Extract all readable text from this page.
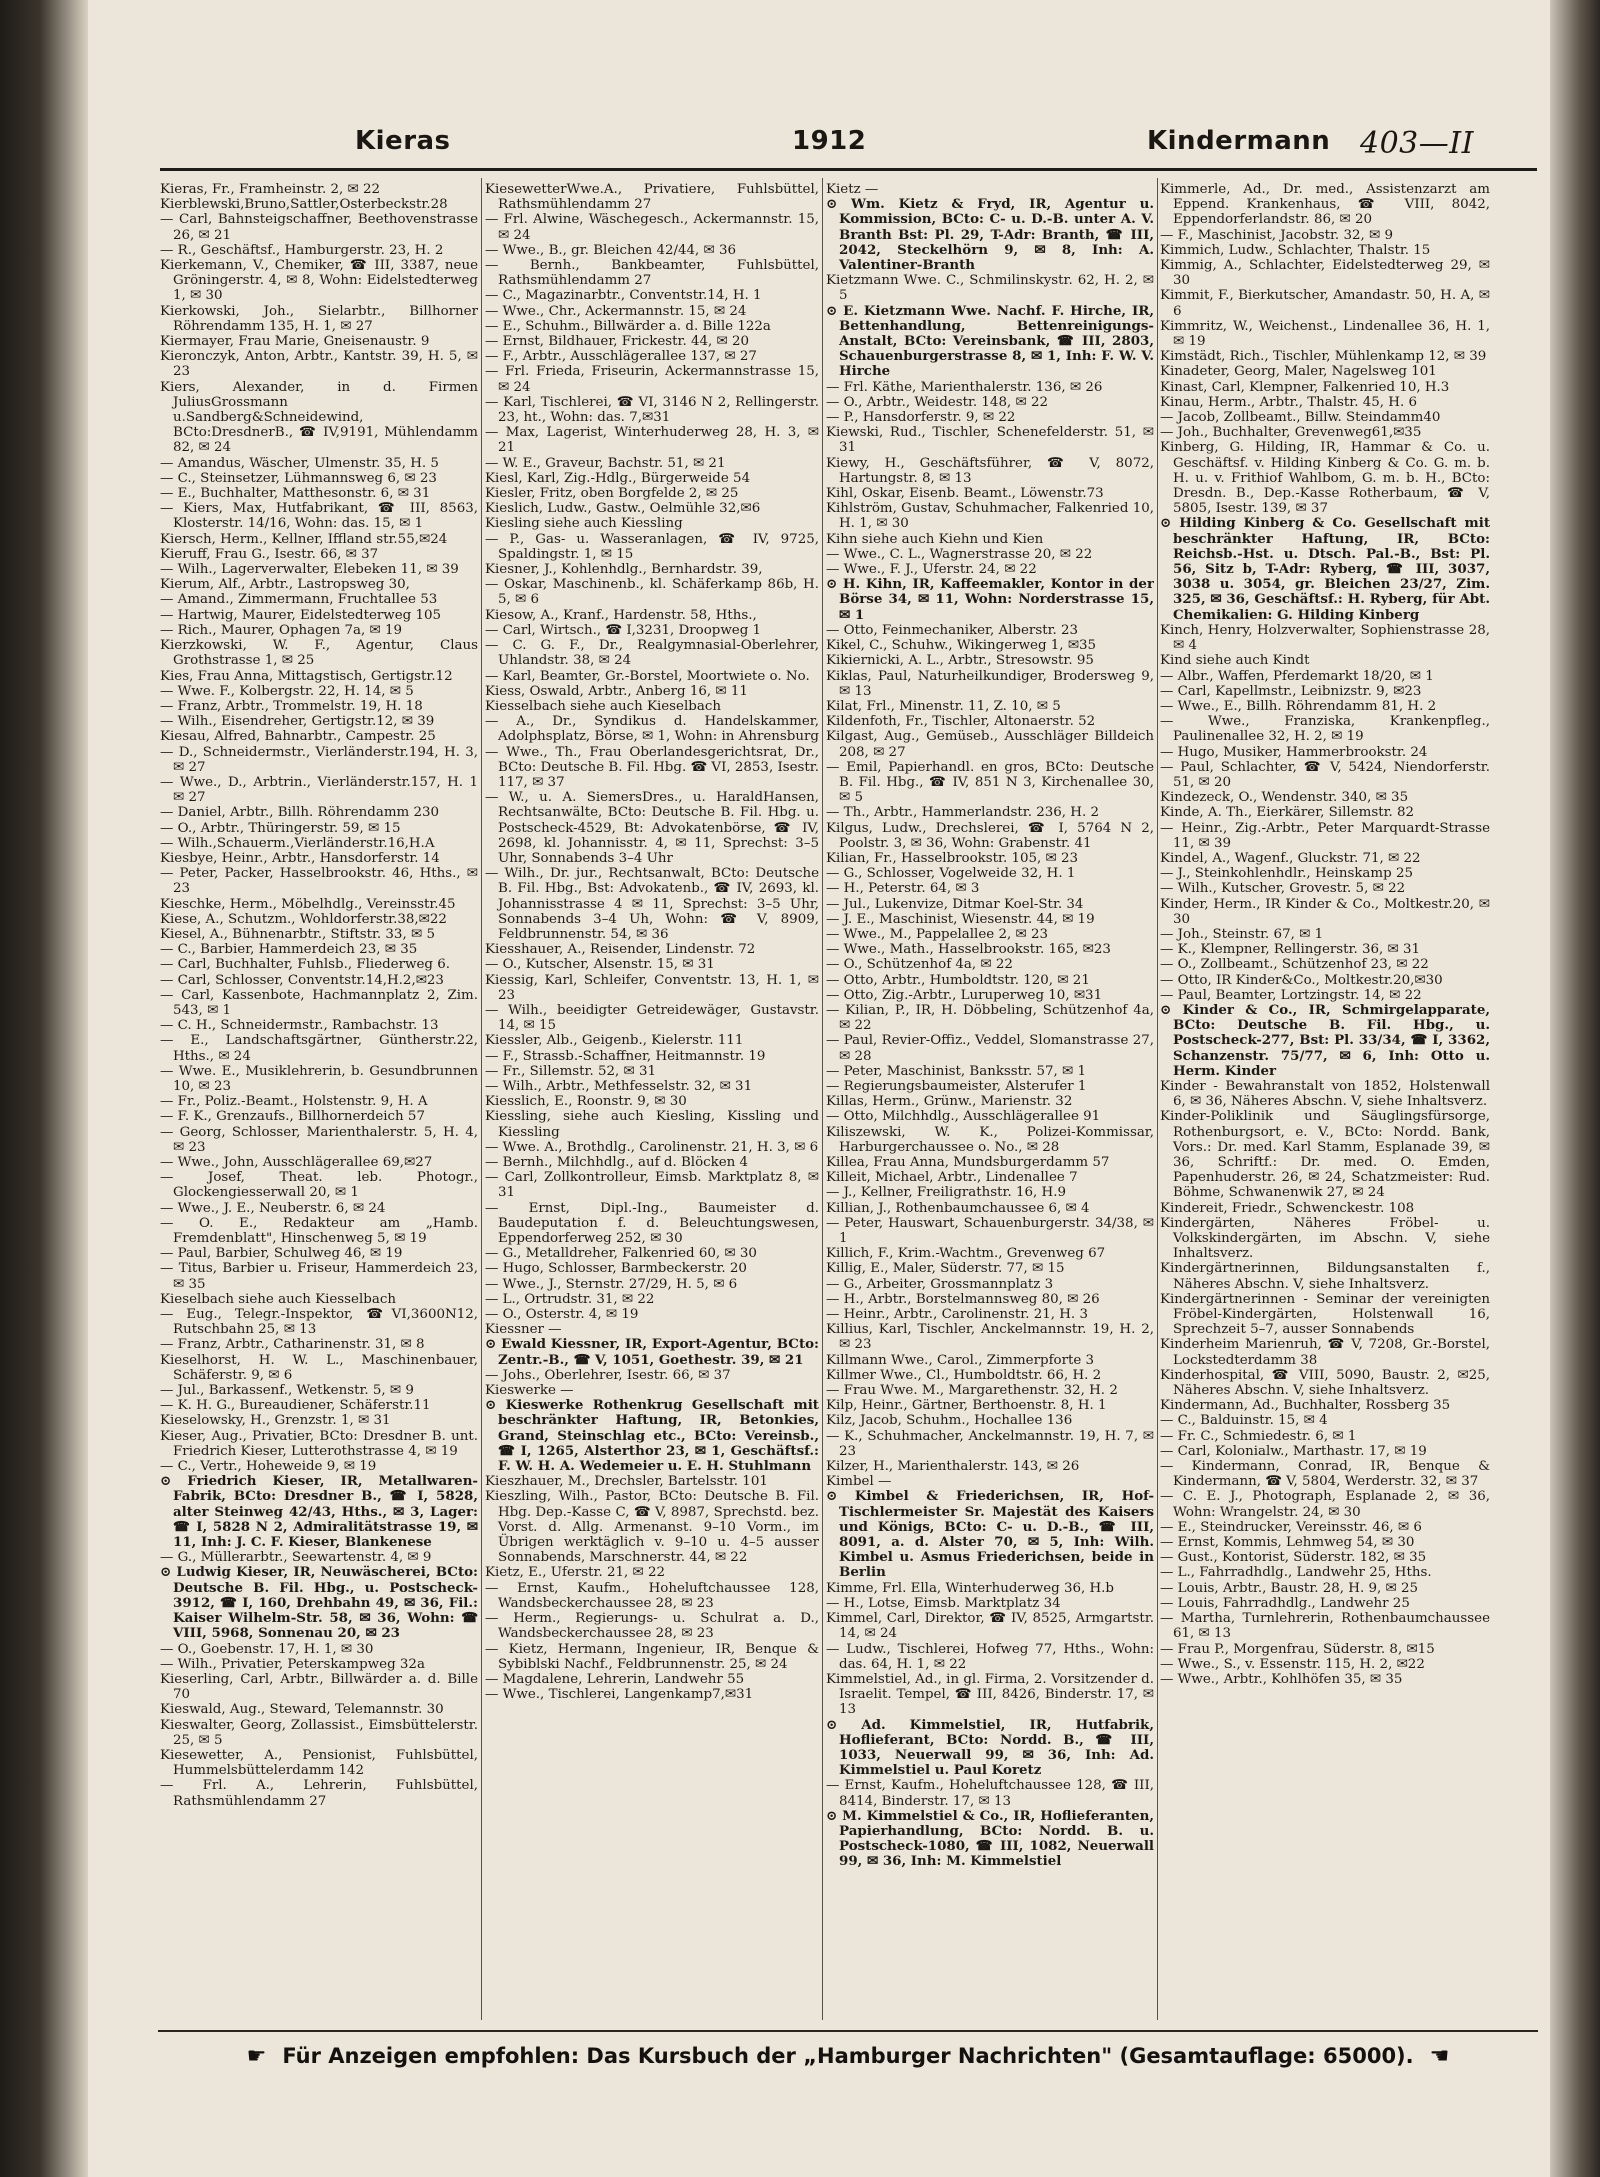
Kieras	1912	Kindermann 403—II

Kieras, Fr., Framheinstr. 2, ✉ 22

Kierblewski,Bruno,Sattler,Osterbeckstr.28

— Carl, Bahnsteigschaffner, Beethovenstrasse 26, ✉ 21

— R., Geschäftsf., Hamburgerstr. 23, H. 2

Kierkemann, V., Chemiker, ☎ III, 3387, neue Gröningerstr. 4, ✉ 8, Wohn: Eidelstedterweg 1, ✉ 30

Kierkowski, Joh., Sielarbtr., Billhorner Röhrendamm 135, H. 1, ✉ 27

Kiermayer, Frau Marie, Gneisenaustr. 9

Kieronczyk, Anton, Arbtr., Kantstr. 39, H. 5, ✉ 23

Kiers, Alexander, in d. Firmen JuliusGrossmann u.Sandberg&Schneidewind, BCto:DresdnerB., ☎ IV,9191, Mühlendamm 82, ✉ 24

— Amandus, Wäscher, Ulmenstr. 35, H. 5

— C., Steinsetzer, Lühmannsweg 6, ✉ 23

— E., Buchhalter, Matthesonstr. 6, ✉ 31

— Kiers, Max, Hutfabrikant, ☎ III, 8563, Klosterstr. 14/16, Wohn: das. 15, ✉ 1

Kiersch, Herm., Kellner, Iffland str.55,✉24

Kieruff, Frau G., Isestr. 66, ✉ 37

— Wilh., Lagerverwalter, Elebeken 11, ✉ 39

Kierum, Alf., Arbtr., Lastropsweg 30,

— Amand., Zimmermann, Fruchtallee 53

— Hartwig, Maurer, Eidelstedterweg 105

— Rich., Maurer, Ophagen 7a, ✉ 19

Kierzkowski, W. F., Agentur, Claus Grothstrasse 1, ✉ 25

Kies, Frau Anna, Mittagstisch, Gertigstr.12

— Wwe. F., Kolbergstr. 22, H. 14, ✉ 5

— Franz, Arbtr., Trommelstr. 19, H. 18

— Wilh., Eisendreher, Gertigstr.12, ✉ 39

Kiesau, Alfred, Bahnarbtr., Campestr. 25

— D., Schneidermstr., Vierländerstr.194, H. 3, ✉ 27

— Wwe., D., Arbtrin., Vierländerstr.157, H. 1 ✉ 27

— Daniel, Arbtr., Billh. Röhrendamm 230

— O., Arbtr., Thüringerstr. 59, ✉ 15

— Wilh.,Schauerm.,Vierländerstr.16,H.A

Kiesbye, Heinr., Arbtr., Hansdorferstr. 14

— Peter, Packer, Hasselbrookstr. 46, Hths., ✉ 23

Kieschke, Herm., Möbelhdlg., Vereinsstr.45

Kiese, A., Schutzm., Wohldorferstr.38,✉22

Kiesel, A., Bühnenarbtr., Stiftstr. 33, ✉ 5

— C., Barbier, Hammerdeich 23, ✉ 35

— Carl, Buchhalter, Fuhlsb., Fliederweg 6.

— Carl, Schlosser, Conventstr.14,H.2,✉23

— Carl, Kassenbote, Hachmannplatz 2, Zim. 543, ✉ 1

— C. H., Schneidermstr., Rambachstr. 13

— E., Landschaftsgärtner, Güntherstr.22, Hths., ✉ 24

— Wwe. E., Musiklehrerin, b. Gesundbrunnen 10, ✉ 23

— Fr., Poliz.-Beamt., Holstenstr. 9, H. A

— F. K., Grenzaufs., Billhornerdeich 57

— Georg, Schlosser, Marienthalerstr. 5, H. 4, ✉ 23

— Wwe., John, Ausschlägerallee 69,✉27

— Josef, Theat. leb. Photogr., Glockengiesserwall 20, ✉ 1

— Wwe., J. E., Neuberstr. 6, ✉ 24

— O. E., Redakteur am „Hamb. Fremdenblatt", Hinschenweg 5, ✉ 19

— Paul, Barbier, Schulweg 46, ✉ 19

— Titus, Barbier u. Friseur, Hammerdeich 23, ✉ 35

Kieselbach siehe auch Kiesselbach

— Eug., Telegr.-Inspektor, ☎VI,3600N12, Rutschbahn 25, ✉ 13

— Franz, Arbtr., Catharinenstr. 31, ✉ 8

Kieselhorst, H. W. L., Maschinenbauer, Schäferstr. 9, ✉ 6

— Jul., Barkassenf., Wetkenstr. 5, ✉ 9

— K. H. G., Bureaudiener, Schäferstr.11

Kieselowsky, H., Grenzstr. 1, ✉ 31

Kieser, Aug., Privatier, BCto: Dresdner B. unt. Friedrich Kieser, Lutterothstrasse 4, ✉ 19

— C., Vertr., Hoheweide 9, ✉ 19

⊙ Friedrich Kieser, IR, Metallwaren-Fabrik, BCto: Dresdner B., ☎ I, 5828, alter Steinweg 42/43, Hths., ✉ 3, Lager: ☎ I, 5828 N 2, Admiralitätstrasse 19, ✉ 11, Inh: J. C. F. Kieser, Blankenese

— G., Müllerarbtr., Seewartenstr. 4, ✉ 9

⊙ Ludwig Kieser, IR, Neuwäscherei, BCto: Deutsche B. Fil. Hbg., u. Postscheck-3912, ☎ I, 160, Drehbahn 49, ✉ 36, Fil.: Kaiser Wilhelm-Str. 58, ✉ 36, Wohn: ☎ VIII, 5968, Sonnenau 20, ✉ 23

— O., Goebenstr. 17, H. 1, ✉ 30

— Wilh., Privatier, Peterskampweg 32a

Kieserling, Carl, Arbtr., Billwärder a. d. Bille 70

Kieswald, Aug., Steward, Telemannstr. 30

Kieswalter, Georg, Zollassist., Eimsbüttelerstr. 25, ✉ 5

Kiesewetter, A., Pensionist, Fuhlsbüttel, Hummelsbüttelerdamm 142

— Frl. A., Lehrerin, Fuhlsbüttel, Rathsmühlendamm 27

KiesewetterWwe.A., Privatiere, Fuhlsbüttel, Rathsmühlendamm 27

— Frl. Alwine, Wäschegesch., Ackermannstr. 15, ✉ 24

— Wwe., B., gr. Bleichen 42/44, ✉ 36

— Bernh., Bankbeamter, Fuhlsbüttel, Rathsmühlendamm 27

— C., Magazinarbtr., Conventstr.14, H. 1

— Wwe., Chr., Ackermannstr. 15, ✉ 24

— E., Schuhm., Billwärder a. d. Bille 122a

— Ernst, Bildhauer, Frickestr. 44, ✉ 20

— F., Arbtr., Ausschlägerallee 137, ✉ 27

— Frl. Frieda, Friseurin, Ackermannstrasse 15, ✉ 24

— Karl, Tischlerei, ☎ VI, 3146 N 2, Rellingerstr. 23, ht., Wohn: das. 7,✉31

— Max, Lagerist, Winterhuderweg 28, H. 3, ✉ 21

— W. E., Graveur, Bachstr. 51, ✉ 21

Kiesl, Karl, Zig.-Hdlg., Bürgerweide 54

Kiesler, Fritz, oben Borgfelde 2, ✉ 25

Kieslich, Ludw., Gastw., Oelmühle 32,✉6

Kiesling siehe auch Kiessling

— P., Gas- u. Wasseranlagen, ☎ IV, 9725, Spaldingstr. 1, ✉ 15

Kiesner, J., Kohlenhdlg., Bernhardstr. 39,

— Oskar, Maschinenb., kl. Schäferkamp 86b, H. 5, ✉ 6

Kiesow, A., Kranf., Hardenstr. 58, Hths.,

— Carl, Wirtsch., ☎ I,3231, Droopweg 1

— C. G. F., Dr., Realgymnasial-Oberlehrer, Uhlandstr. 38, ✉ 24

— Karl, Beamter, Gr.-Borstel, Moortwiete o. No.

Kiess, Oswald, Arbtr., Anberg 16, ✉ 11

Kiesselbach siehe auch Kieselbach

— A., Dr., Syndikus d. Handelskammer, Adolphsplatz, Börse, ✉ 1, Wohn: in Ahrensburg

— Wwe., Th., Frau Oberlandesgerichtsrat, Dr., BCto: Deutsche B. Fil. Hbg. ☎ VI, 2853, Isestr. 117, ✉ 37

— W., u. A. SiemersDres., u. HaraldHansen, Rechtsanwälte, BCto: Deutsche B. Fil. Hbg. u. Postscheck-4529, Bt: Advokatenbörse, ☎ IV, 2698, kl. Johannisstr. 4, ✉ 11, Sprechst: 3–5 Uhr, Sonnabends 3–4 Uhr

— Wilh., Dr. jur., Rechtsanwalt, BCto: Deutsche B. Fil. Hbg., Bst: Advokatenb., ☎ IV, 2693, kl. Johannisstrasse 4 ✉ 11, Sprechst: 3–5 Uhr, Sonnabends 3–4 Uh, Wohn: ☎ V, 8909, Feldbrunnenstr. 54, ✉ 36

Kiesshauer, A., Reisender, Lindenstr. 72

— O., Kutscher, Alsenstr. 15, ✉ 31

Kiessig, Karl, Schleifer, Conventstr. 13, H. 1, ✉ 23

— Wilh., beeidigter Getreidewäger, Gustavstr. 14, ✉ 15

Kiessler, Alb., Geigenb., Kielerstr. 111

— F., Strassb.-Schaffner, Heitmannstr. 19

— Fr., Sillemstr. 52, ✉ 31

— Wilh., Arbtr., Methfesselstr. 32, ✉ 31

Kiesslich, E., Roonstr. 9, ✉ 30

Kiessling, siehe auch Kiesling, Kissling und Kiessling

— Wwe. A., Brothdlg., Carolinenstr. 21, H. 3, ✉ 6

— Bernh., Milchhdlg., auf d. Blöcken 4

— Carl, Zollkontrolleur, Eimsb. Marktplatz 8, ✉ 31

— Ernst, Dipl.-Ing., Baumeister d. Baudeputation f. d. Beleuchtungswesen, Eppendorferweg 252, ✉ 30

— G., Metalldreher, Falkenried 60, ✉ 30

— Hugo, Schlosser, Barmbeckerstr. 20

— Wwe., J., Sternstr. 27/29, H. 5, ✉ 6

— L., Ortrudstr. 31, ✉ 22

— O., Osterstr. 4, ✉ 19

Kiessner —

⊙ Ewald Kiessner, IR, Export-Agentur, BCto: Zentr.-B., ☎ V, 1051, Goethestr. 39, ✉ 21

— Johs., Oberlehrer, Isestr. 66, ✉ 37

Kieswerke —

⊙ Kieswerke Rothenkrug Gesellschaft mit beschränkter Haftung, IR, Betonkies, Grand, Steinschlag etc., BCto: Vereinsb., ☎ I, 1265, Alsterthor 23, ✉ 1, Geschäftsf.: F. W. H. A. Wedemeier u. E. H. Stuhlmann

Kieszhauer, M., Drechsler, Bartelsstr. 101

Kieszling, Wilh., Pastor, BCto: Deutsche B. Fil. Hbg. Dep.-Kasse C, ☎ V, 8987, Sprechstd. bez. Vorst. d. Allg. Armenanst. 9–10 Vorm., im Übrigen werktäglich v. 9–10 u. 4–5 ausser Sonnabends, Marschnerstr. 44, ✉ 22

Kietz, E., Uferstr. 21, ✉ 22

— Ernst, Kaufm., Hoheluftchaussee 128, Wandsbeckerchaussee 28, ✉ 23

— Herm., Regierungs- u. Schulrat a. D., Wandsbeckerchaussee 28, ✉ 23

— Kietz, Hermann, Ingenieur, IR, Benque & Sybiblski Nachf., Feldbrunnenstr. 25, ✉ 24

— Magdalene, Lehrerin, Landwehr 55

— Wwe., Tischlerei, Langenkamp7,✉31

Kietz —

⊙ Wm. Kietz & Fryd, IR, Agentur u. Kommission, BCto: C- u. D.-B. unter A. V. Branth Bst: Pl. 29, T-Adr: Branth, ☎ III, 2042, Steckelhörn 9, ✉ 8, Inh: A. Valentiner-Branth

Kietzmann Wwe. C., Schmilinskystr. 62, H. 2, ✉ 5

⊙ E. Kietzmann Wwe. Nachf. F. Hirche, IR, Bettenhandlung, Bettenreinigungs-Anstalt, BCto: Vereinsbank, ☎ III, 2803, Schauenburgerstrasse 8, ✉ 1, Inh: F. W. V. Hirche

— Frl. Käthe, Marienthalerstr. 136, ✉ 26

— O., Arbtr., Weidestr. 148, ✉ 22

— P., Hansdorferstr. 9, ✉ 22

Kiewski, Rud., Tischler, Schenefelderstr. 51, ✉ 31

Kiewy, H., Geschäftsführer, ☎ V, 8072, Hartungstr. 8, ✉ 13

Kihl, Oskar, Eisenb. Beamt., Löwenstr.73

Kihlström, Gustav, Schuhmacher, Falkenried 10, H. 1, ✉ 30

Kihn siehe auch Kiehn und Kien

— Wwe., C. L., Wagnerstrasse 20, ✉ 22

— Wwe., F. J., Uferstr. 24, ✉ 22

⊙ H. Kihn, IR, Kaffeemakler, Kontor in der Börse 34, ✉ 11, Wohn: Norderstrasse 15, ✉ 1

— Otto, Feinmechaniker, Alberstr. 23

Kikel, C., Schuhw., Wikingerweg 1, ✉35

Kikiernicki, A. L., Arbtr., Stresowstr. 95

Kiklas, Paul, Naturheilkundiger, Brodersweg 9, ✉ 13

Kilat, Frl., Minenstr. 11, Z. 10, ✉ 5

Kildenfoth, Fr., Tischler, Altonaerstr. 52

Kilgast, Aug., Gemüseb., Ausschläger Billdeich 208, ✉ 27

— Emil, Papierhandl. en gros, BCto: Deutsche B. Fil. Hbg., ☎ IV, 851 N 3, Kirchenallee 30, ✉ 5

— Th., Arbtr., Hammerlandstr. 236, H. 2

Kilgus, Ludw., Drechslerei, ☎ I, 5764 N 2, Poolstr. 3, ✉ 36, Wohn: Grabenstr. 41

Kilian, Fr., Hasselbrookstr. 105, ✉ 23

— G., Schlosser, Vogelweide 32, H. 1

— H., Peterstr. 64, ✉ 3

— Jul., Lukenvize, Ditmar Koel-Str. 34

— J. E., Maschinist, Wiesenstr. 44, ✉ 19

— Wwe., M., Pappelallee 2, ✉ 23

— Wwe., Math., Hasselbrookstr. 165, ✉23

— O., Schützenhof 4a, ✉ 22

— Otto, Arbtr., Humboldtstr. 120, ✉ 21

— Otto, Zig.-Arbtr., Luruperweg 10, ✉31

— Kilian, P., IR, H. Döbbeling, Schützenhof 4a, ✉ 22

— Paul, Revier-Offiz., Veddel, Slomanstrasse 27, ✉ 28

— Peter, Maschinist, Banksstr. 57, ✉ 1

— Regierungsbaumeister, Alsterufer 1

Killas, Herm., Grünw., Marienstr. 32

— Otto, Milchhdlg., Ausschlägerallee 91

Kiliszewski, W. K., Polizei-Kommissar, Harburgerchaussee o. No., ✉ 28

Killea, Frau Anna, Mundsburgerdamm 57

Killeit, Michael, Arbtr., Lindenallee 7

— J., Kellner, Freiligrathstr. 16, H.9

Killian, J., Rothenbaumchaussee 6, ✉ 4

— Peter, Hauswart, Schauenburgerstr. 34/38, ✉ 1

Killich, F., Krim.-Wachtm., Grevenweg 67

Killig, E., Maler, Süderstr. 77, ✉ 15

— G., Arbeiter, Grossmannplatz 3

— H., Arbtr., Borstelmannsweg 80, ✉ 26

— Heinr., Arbtr., Carolinenstr. 21, H. 3

Killius, Karl, Tischler, Anckelmannstr. 19, H. 2, ✉ 23

Killmann Wwe., Carol., Zimmerpforte 3

Killmer Wwe., Cl., Humboldtstr. 66, H. 2

— Frau Wwe. M., Margarethenstr. 32, H. 2

Kilp, Heinr., Gärtner, Berthoenstr. 8, H. 1

Kilz, Jacob, Schuhm., Hochallee 136

— K., Schuhmacher, Anckelmannstr. 19, H. 7, ✉ 23

Kilzer, H., Marienthalerstr. 143, ✉ 26

Kimbel —

⊙ Kimbel & Friederichsen, IR, Hof-Tischlermeister Sr. Majestät des Kaisers und Königs, BCto: C- u. D.-B., ☎ III, 8091, a. d. Alster 70, ✉ 5, Inh: Wilh. Kimbel u. Asmus Friederichsen, beide in Berlin

Kimme, Frl. Ella, Winterhuderweg 36, H.b

— H., Lotse, Eimsb. Marktplatz 34

Kimmel, Carl, Direktor, ☎ IV, 8525, Armgartstr. 14, ✉ 24

— Ludw., Tischlerei, Hofweg 77, Hths., Wohn: das. 64, H. 1, ✉ 22

Kimmelstiel, Ad., in gl. Firma, 2. Vorsitzender d. Israelit. Tempel, ☎ III, 8426, Binderstr. 17, ✉ 13

⊙ Ad. Kimmelstiel, IR, Hutfabrik, Hoflieferant, BCto: Nordd. B., ☎ III, 1033, Neuerwall 99, ✉ 36, Inh: Ad. Kimmelstiel u. Paul Koretz

— Ernst, Kaufm., Hoheluftchaussee 128, ☎ III, 8414, Binderstr. 17, ✉ 13

⊙ M. Kimmelstiel & Co., IR, Hoflieferanten, Papierhandlung, BCto: Nordd. B. u. Postscheck-1080, ☎ III, 1082, Neuerwall 99, ✉ 36, Inh: M. Kimmelstiel

Kimmerle, Ad., Dr. med., Assistenzarzt am Eppend. Krankenhaus, ☎ VIII, 8042, Eppendorferlandstr. 86, ✉ 20

— F., Maschinist, Jacobstr. 32, ✉ 9

Kimmich, Ludw., Schlachter, Thalstr. 15

Kimmig, A., Schlachter, Eidelstedterweg 29, ✉ 30

Kimmit, F., Bierkutscher, Amandastr. 50, H. A, ✉ 6

Kimmritz, W., Weichenst., Lindenallee 36, H. 1, ✉ 19

Kimstädt, Rich., Tischler, Mühlenkamp 12, ✉ 39

Kinadeter, Georg, Maler, Nagelsweg 101

Kinast, Carl, Klempner, Falkenried 10, H.3

Kinau, Herm., Arbtr., Thalstr. 45, H. 6

— Jacob, Zollbeamt., Billw. Steindamm40

— Joh., Buchhalter, Grevenweg61,✉35

Kinberg, G. Hilding, IR, Hammar & Co. u. Geschäftsf. v. Hilding Kinberg & Co. G. m. b. H. u. v. Frithiof Wahlbom, G. m. b. H., BCto: Dresdn. B., Dep.-Kasse Rotherbaum, ☎ V, 5805, Isestr. 139, ✉ 37

⊙ Hilding Kinberg & Co. Gesellschaft mit beschränkter Haftung, IR, BCto: Reichsb.-Hst. u. Dtsch. Pal.-B., Bst: Pl. 56, Sitz b, T-Adr: Ryberg, ☎ III, 3037, 3038 u. 3054, gr. Bleichen 23/27, Zim. 325, ✉ 36, Geschäftsf.: H. Ryberg, für Abt. Chemikalien: G. Hilding Kinberg

Kinch, Henry, Holzverwalter, Sophienstrasse 28, ✉ 4

Kind siehe auch Kindt

— Albr., Waffen, Pferdemarkt 18/20, ✉ 1

— Carl, Kapellmstr., Leibnizstr. 9, ✉23

— Wwe., E., Billh. Röhrendamm 81, H. 2

— Wwe., Franziska, Krankenpfleg., Paulinenallee 32, H. 2, ✉ 19

— Hugo, Musiker, Hammerbrookstr. 24

— Paul, Schlachter, ☎ V, 5424, Niendorferstr. 51, ✉ 20

Kindezeck, O., Wendenstr. 340, ✉ 35

Kinde, A. Th., Eierkärer, Sillemstr. 82

— Heinr., Zig.-Arbtr., Peter Marquardt-Strasse 11, ✉ 39

Kindel, A., Wagenf., Gluckstr. 71, ✉ 22

— J., Steinkohlenhdlr., Heinskamp 25

— Wilh., Kutscher, Grovestr. 5, ✉ 22

Kinder, Herm., IR Kinder & Co., Moltkestr.20, ✉ 30

— Joh., Steinstr. 67, ✉ 1

— K., Klempner, Rellingerstr. 36, ✉ 31

— O., Zollbeamt., Schützenhof 23, ✉ 22

— Otto, IR Kinder&Co., Moltkestr.20,✉30

— Paul, Beamter, Lortzingstr. 14, ✉ 22

⊙ Kinder & Co., IR, Schmirgelapparate, BCto: Deutsche B. Fil. Hbg., u. Postscheck-277, Bst: Pl. 33/34, ☎ I, 3362, Schanzenstr. 75/77, ✉ 6, Inh: Otto u. Herm. Kinder

Kinder - Bewahranstalt von 1852, Holstenwall 6, ✉ 36, Näheres Abschn. V, siehe Inhaltsverz.

Kinder-Poliklinik und Säuglingsfürsorge, Rothenburgsort, e. V., BCto: Nordd. Bank, Vors.: Dr. med. Karl Stamm, Esplanade 39, ✉ 36, Schriftf.: Dr. med. O. Emden, Papenhuderstr. 26, ✉ 24, Schatzmeister: Rud. Böhme, Schwanenwik 27, ✉ 24

Kindereit, Friedr., Schwenckestr. 108

Kindergärten, Näheres Fröbel- u. Volkskindergärten, im Abschn. V, siehe Inhaltsverz.

Kindergärtnerinnen, Bildungsanstalten f., Näheres Abschn. V, siehe Inhaltsverz.

Kindergärtnerinnen - Seminar der vereinigten Fröbel-Kindergärten, Holstenwall 16, Sprechzeit 5–7, ausser Sonnabends

Kinderheim Marienruh, ☎ V, 7208, Gr.-Borstel, Lockstedterdamm 38

Kinderhospital, ☎ VIII, 5090, Baustr. 2, ✉25, Näheres Abschn. V, siehe Inhaltsverz.

Kindermann, Ad., Buchhalter, Rossberg 35

— C., Balduinstr. 15, ✉ 4

— Fr. C., Schmiedestr. 6, ✉ 1

— Carl, Kolonialw., Marthastr. 17, ✉ 19

— Kindermann, Conrad, IR, Benque & Kindermann, ☎ V, 5804, Werderstr. 32, ✉ 37

— C. E. J., Photograph, Esplanade 2, ✉ 36, Wohn: Wrangelstr. 24, ✉ 30

— E., Steindrucker, Vereinsstr. 46, ✉ 6

— Ernst, Kommis, Lehmweg 54, ✉ 30

— Gust., Kontorist, Süderstr. 182, ✉ 35

— L., Fahrradhdlg., Landwehr 25, Hths.

— Louis, Arbtr., Baustr. 28, H. 9, ✉ 25

— Louis, Fahrradhdlg., Landwehr 25

— Martha, Turnlehrerin, Rothenbaumchaussee 61, ✉ 13

— Frau P., Morgenfrau, Süderstr. 8, ✉15

— Wwe., S., v. Essenstr. 115, H. 2, ✉22

— Wwe., Arbtr., Kohlhöfen 35, ✉ 35

☛ Für Anzeigen empfohlen: Das Kursbuch der „Hamburger Nachrichten" (Gesamtauflage: 65000). ☚
